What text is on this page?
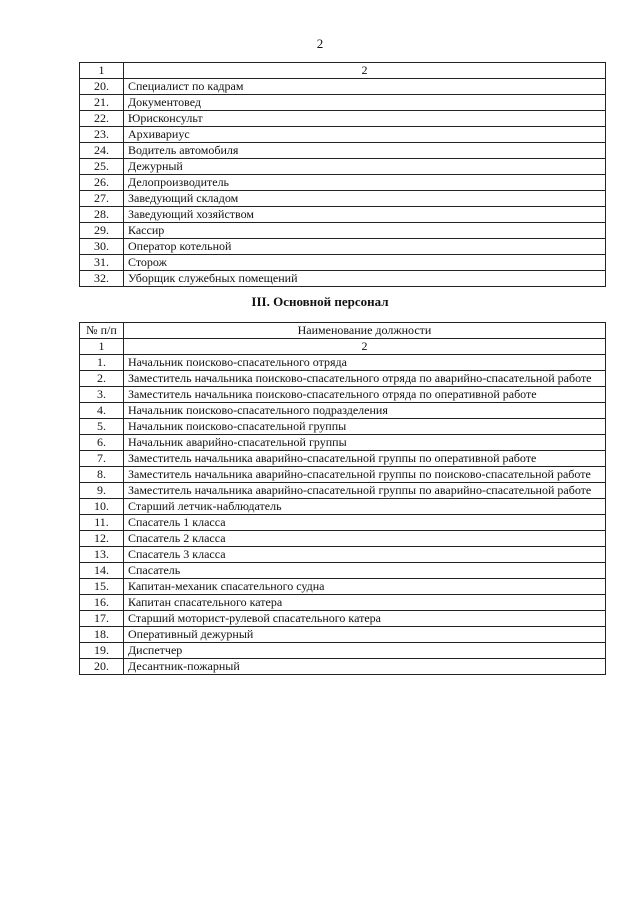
2
1	2
20.	Специалист по кадрам
21.	Документовед
22.	Юрисконсульт
23.	Архивариус
24.	Водитель автомобиля
25.	Дежурный
26.	Делопроизводитель
27.	Заведующий складом
28.	Заведующий хозяйством
29.	Кассир
30.	Оператор котельной
31.	Сторож
32.	Уборщик служебных помещений
III. Основной персонал
№ п/п	Наименование должности
1	2
1.	Начальник поисково-спасательного отряда
2.	Заместитель начальника поисково-спасательного отряда по аварийно-спасательной работе
3.	Заместитель начальника поисково-спасательного отряда по оперативной работе
4.	Начальник поисково-спасательного подразделения
5.	Начальник поисково-спасательной группы
6.	Начальник аварийно-спасательной группы
7.	Заместитель начальника аварийно-спасательной группы по оперативной работе
8.	Заместитель начальника аварийно-спасательной группы по поисково-спасательной работе
9.	Заместитель начальника аварийно-спасательной группы по аварийно-спасательной работе
10.	Старший летчик-наблюдатель
11.	Спасатель 1 класса
12.	Спасатель 2 класса
13.	Спасатель 3 класса
14.	Спасатель
15.	Капитан-механик спасательного судна
16.	Капитан спасательного катера
17.	Старший моторист-рулевой спасательного катера
18.	Оперативный дежурный
19.	Диспетчер
20.	Десантник-пожарный
